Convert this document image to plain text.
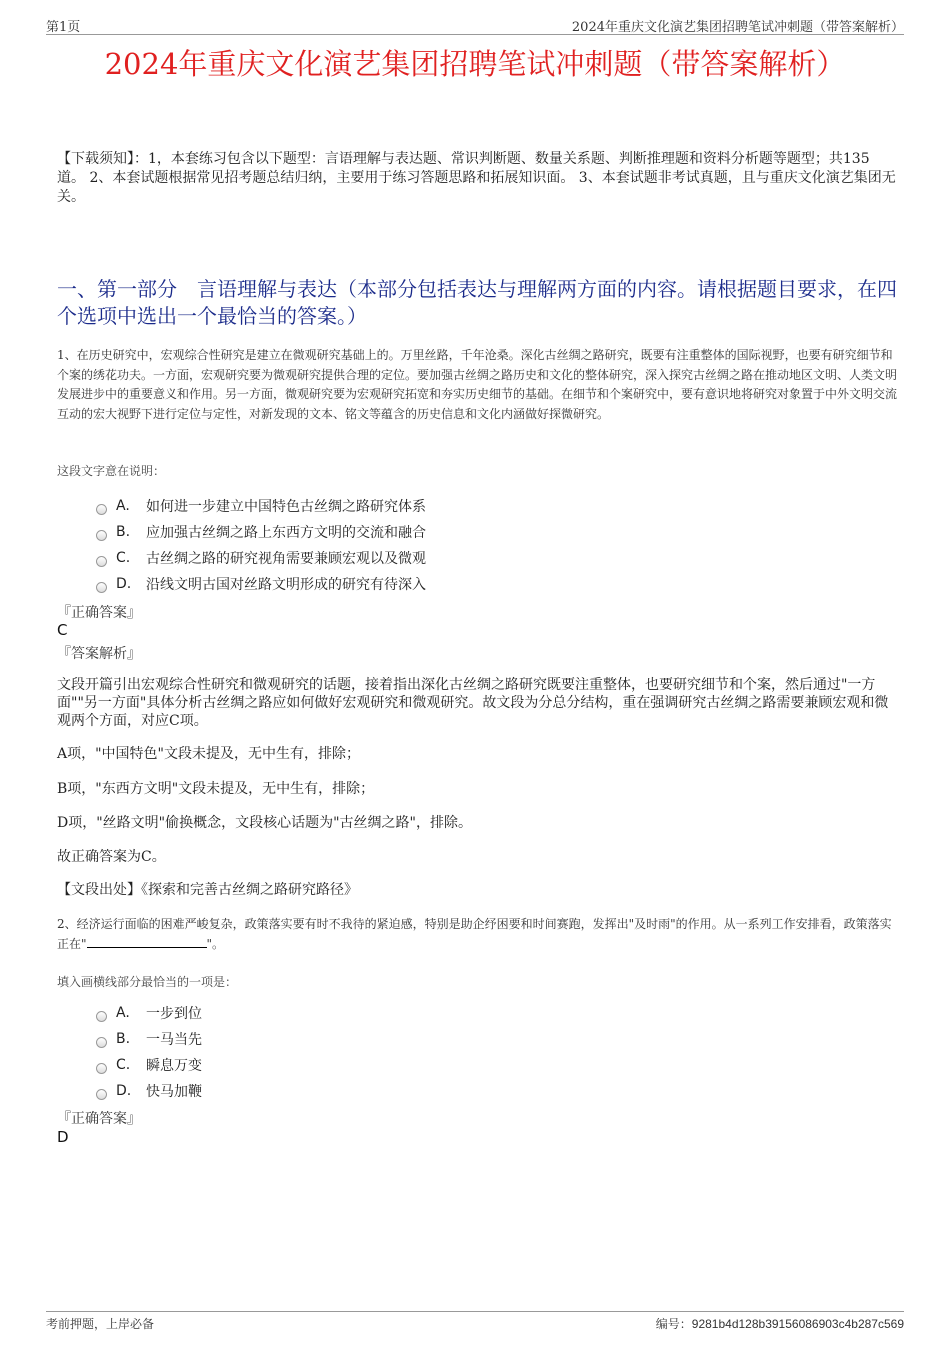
第1页	2024年重庆文化演艺集团招聘笔试冲刺题（带答案解析）
2024年重庆文化演艺集团招聘笔试冲刺题（带答案解析）
【下载须知】：1，本套练习包含以下题型：言语理解与表达题、常识判断题、数量关系题、判断推理题和资料分析题等题型；共135道。 2、本套试题根据常见招考题总结归纳，主要用于练习答题思路和拓展知识面。 3、本套试题非考试真题，且与重庆文化演艺集团无关。
一、第一部分　言语理解与表达（本部分包括表达与理解两方面的内容。请根据题目要求，在四个选项中选出一个最恰当的答案。）
1、在历史研究中，宏观综合性研究是建立在微观研究基础上的。万里丝路，千年沧桑。深化古丝绸之路研究，既要有注重整体的国际视野，也要有研究细节和个案的绣花功夫。一方面，宏观研究要为微观研究提供合理的定位。要加强古丝绸之路历史和文化的整体研究，深入探究古丝绸之路在推动地区文明、人类文明发展进步中的重要意义和作用。另一方面，微观研究要为宏观研究拓宽和夯实历史细节的基础。在细节和个案研究中，要有意识地将研究对象置于中外文明交流互动的宏大视野下进行定位与定性，对新发现的文本、铭文等蕴含的历史信息和文化内涵做好探微研究。
这段文字意在说明：
A.	如何进一步建立中国特色古丝绸之路研究体系
B.	应加强古丝绸之路上东西方文明的交流和融合
C.	古丝绸之路的研究视角需要兼顾宏观以及微观
D.	沿线文明古国对丝路文明形成的研究有待深入
『正确答案』
C
『答案解析』
文段开篇引出宏观综合性研究和微观研究的话题，接着指出深化古丝绸之路研究既要注重整体，也要研究细节和个案，然后通过"一方面""另一方面"具体分析古丝绸之路应如何做好宏观研究和微观研究。故文段为分总分结构，重在强调研究古丝绸之路需要兼顾宏观和微观两个方面，对应C项。
A项，"中国特色"文段未提及，无中生有，排除；
B项，"东西方文明"文段未提及，无中生有，排除；
D项，"丝路文明"偷换概念，文段核心话题为"古丝绸之路"，排除。
故正确答案为C。
【文段出处】《探索和完善古丝绸之路研究路径》
2、经济运行面临的困难严峻复杂，政策落实要有时不我待的紧迫感，特别是助企纾困要和时间赛跑，发挥出"及时雨"的作用。从一系列工作安排看，政策落实正在"	"。
填入画横线部分最恰当的一项是：
A.	一步到位
B.	一马当先
C.	瞬息万变
D.	快马加鞭
『正确答案』
D
考前押题，上岸必备	编号：9281b4d128b39156086903c4b287c569
